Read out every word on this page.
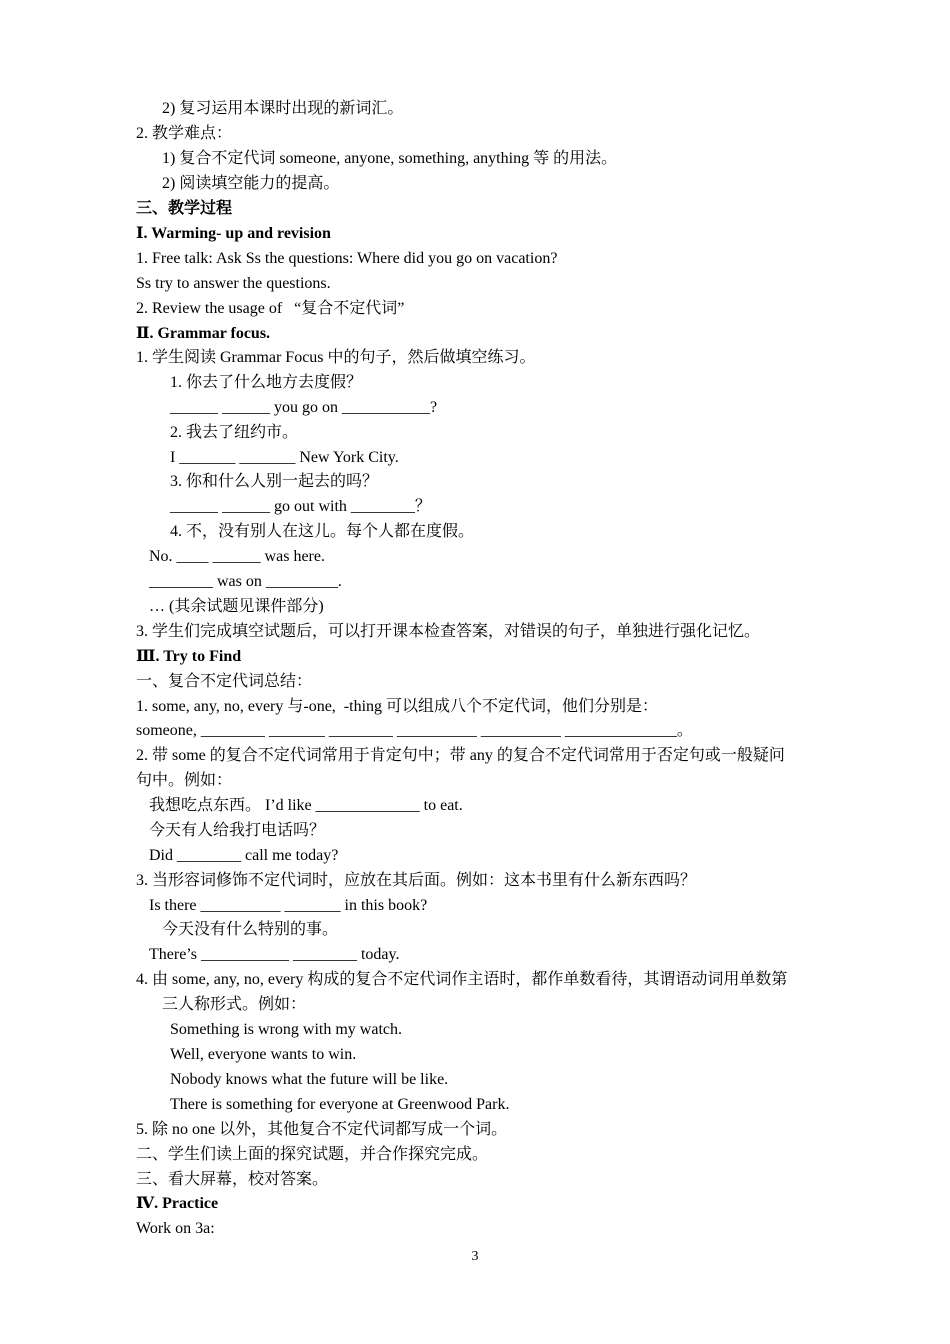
2) 复习运用本课时出现的新词汇。
2. 教学难点：
1) 复合不定代词 someone, anyone, something, anything 等 的用法。
2) 阅读填空能力的提高。
三、教学过程
Ⅰ. Warming- up and revision
1. Free talk: Ask Ss the questions: Where did you go on vacation?
Ss try to answer the questions.
2. Review the usage of   “复合不定代词”
Ⅱ. Grammar focus.
1. 学生阅读 Grammar Focus 中的句子，然后做填空练习。
1. 你去了什么地方去度假？
______ ______ you go on ___________?
2. 我去了纽约市。
I _______ _______ New York City.
3. 你和什么人别一起去的吗？
______ ______ go out with ________？
4. 不，没有别人在这儿。每个人都在度假。
No. ____ ______ was here.
________ was on _________.
… (其余试题见课件部分)
3. 学生们完成填空试题后，可以打开课本检查答案，对错误的句子，单独进行强化记忆。
Ⅲ. Try to Find
一、复合不定代词总结：
1. some, any, no, every 与-one,  -thing 可以组成八个不定代词，他们分别是：
someone, ________ _______ ________ __________ __________ ______________。
2. 带 some 的复合不定代词常用于肯定句中；带 any 的复合不定代词常用于否定句或一般疑问
句中。例如：
我想吃点东西。 I’d like _____________ to eat.
今天有人给我打电话吗？
Did ________ call me today?
3. 当形容词修饰不定代词时，应放在其后面。例如：这本书里有什么新东西吗？
Is there __________ _______ in this book?
今天没有什么特别的事。
There’s ___________ ________ today.
4. 由 some, any, no, every 构成的复合不定代词作主语时，都作单数看待，其谓语动词用单数第
三人称形式。例如：
Something is wrong with my watch.
Well, everyone wants to win.
Nobody knows what the future will be like.
There is something for everyone at Greenwood Park.
5. 除 no one 以外，其他复合不定代词都写成一个词。
二、学生们读上面的探究试题，并合作探究完成。
三、看大屏幕，校对答案。
Ⅳ. Practice
Work on 3a:
3
